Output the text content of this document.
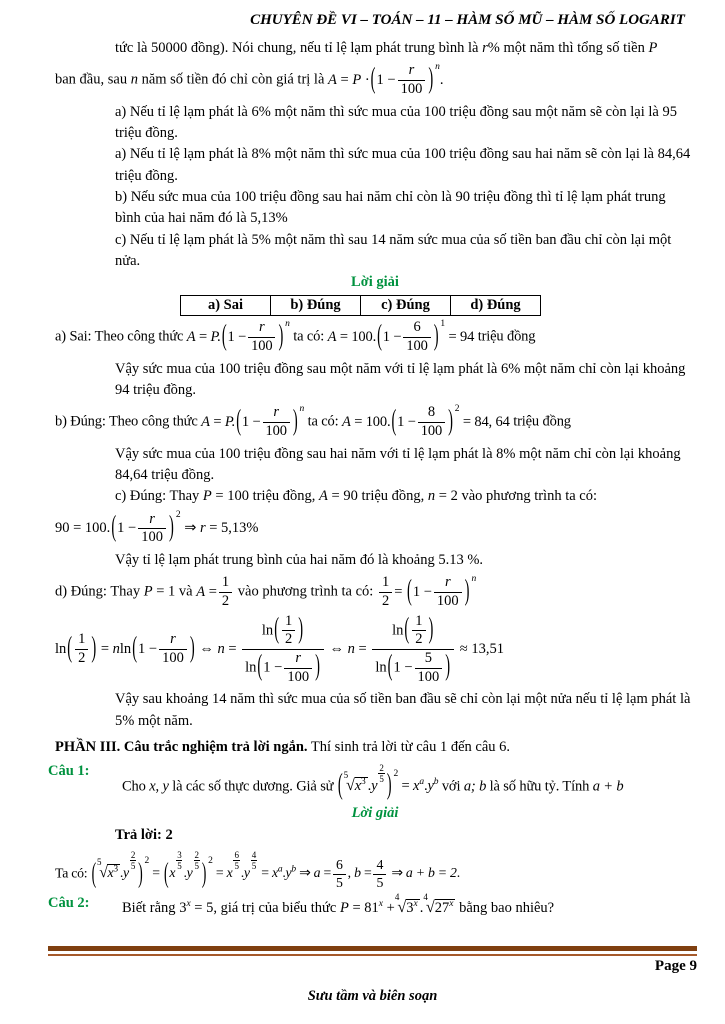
CHUYÊN ĐỀ VI – TOÁN – 11 – HÀM SỐ MŨ – HÀM SỐ LOGARIT

tức là 50000 đồng). Nói chung, nếu tỉ lệ lạm phát trung bình là r% một năm thì tổng số tiền P

ban đầu, sau n năm số tiền đó chỉ còn giá trị là $A = P \cdot(1 - \frac{r}{100}$ ) $^n$.

a) Nếu tỉ lệ lạm phát là 6% một năm thì sức mua của 100 triệu đồng sau một năm sẽ còn lại là 95 triệu đồng.

a) Nếu tỉ lệ lạm phát là 8% một năm thì sức mua của 100 triệu đồng sau hai năm sẽ còn lại là 84,64 triệu đồng.

b) Nếu sức mua của 100 triệu đồng sau hai năm chỉ còn là 90 triệu đồng thì tỉ lệ lạm phát trung bình của hai năm đó là 5,13%

c) Nếu tỉ lệ lạm phát là 5% một năm thì sau 14 năm sức mua của số tiền ban đầu chỉ còn lại một nửa.

Lời giải

a) Sai	b) Đúng	c) Đúng	d) Đúng

a) Sai: Theo công thức $A = P.(1 - \frac{r}{100}$ ) $^n$ ta có: $A = 100.(1 - \frac{6}{100}$ ) $^1$ = 94 triệu đồng

Vậy sức mua của 100 triệu đồng sau một năm với tỉ lệ lạm phát là 6% một năm chỉ còn lại khoảng 94 triệu đồng.

b) Đúng: Theo công thức $A = P.(1 - \frac{r}{100}$ ) $^n$ ta có: $A = 100.(1 - \frac{8}{100}$ ) $^2$ = 84, 64 triệu đồng

Vậy sức mua của 100 triệu đồng sau hai năm với tỉ lệ lạm phát là 8% một năm chỉ còn lại khoảng 84,64 triệu đồng.

c) Đúng: Thay P = 100 triệu đồng, A = 90 triệu đồng, n = 2 vào phương trình ta có:

$90 = 100.(1 - \frac{r}{100}$ ) $^2$ ⇒ r = 5,13%

Vậy tỉ lệ lạm phát trung bình của hai năm đó là khoảng 5.13 %.

d) Đúng: Thay P = 1 và $A = \frac{1}{2}$ vào phương trình ta có: $\frac{1}{2} = (1 - \frac{r}{100}$ ) $^n$

$\ln( \frac{1}{2}$ ) = $nln(1 - \frac{r}{100}$ ) ⇔ $n = \frac{\ln( \frac{1}{2} )}{\ln(1 - \frac{r}{100} )}$ ⇔ $n = \frac{\ln( \frac{1}{2} )}{\ln(1 - \frac{5}{100} )} \approx 13,51$

Vậy sau khoảng 14 năm thì sức mua của số tiền ban đầu sẽ chỉ còn lại một nửa nếu tỉ lệ lạm phát là 5% một năm.

PHẦN III. Câu trắc nghiệm trả lời ngắn. Thí sinh trả lời từ câu 1 đến câu 6.

Câu 1:
Cho x, y là các số thực dương. Giả sử ($^5√x^3$ .y
$\frac{2}{5}$ ) $^2 = x^a.y^b$ với a; b là số hữu tỷ. Tính a + b

Lời giải

Trả lời: 2

Ta có: ($^5√x^3$ .y
$\frac{2}{5}$ ) $^2$ = (x
$\frac{3}{5}$
.y
$\frac{2}{5}$ ) $^2$ = x
$\frac{6}{5}$
.y
$\frac{4}{5}$
= $x^a.y^b$ ⇒ $a = \frac{6}{5}$ , $b = \frac{4}{5}$ ⇒ a + b = 2.

Câu 2:	Biết rằng $3^x = 5$, giá trị của biểu thức $P = 81^x +^4√3^x$ .$^4$√27$^x$ bằng bao nhiêu?
Page 9
Sưu tầm và biên soạn
